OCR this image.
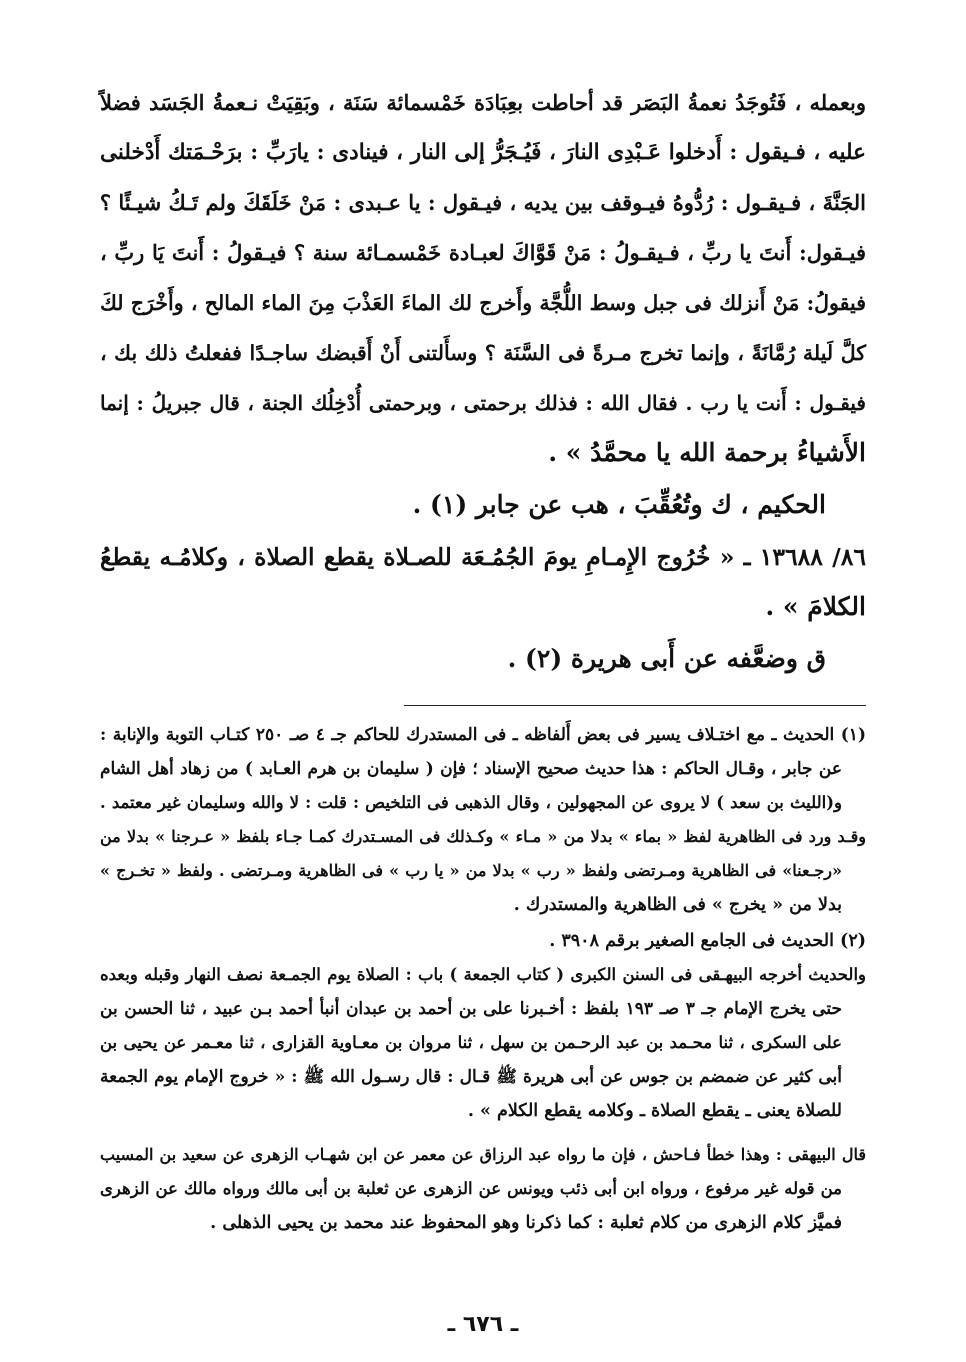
وبعمله ، فَتُوجَدُ نعمةُ البَصَر قد أحاطت بعِبَادَة خَمْسمائة سَنَة ، وبَقِيَتْ نـعمةُ الجَسَد فضلاً
عليه ، فـيقول : أَدخلوا عَـبْدِى النارَ ، فَيُـجَرُّ إلى النار ، فينادى : يارَبِّ : برَحْـمَتك أَدْخلنى
الجَنَّةَ ، فـيقـول : رُدُّوهُ فيـوقف بين يديه ، فيـقول : يا عـبدى : مَنْ خَلَقَكَ ولم تَـكُ شيـئًا ؟
فيـقول: أَنتَ يا ربِّ ، فـيقـولُ : مَنْ قَوَّاكَ لعبـادة خَمْسمـائة سنة ؟ فيـقولُ : أَنتَ يَا ربِّ ،
فيقولُ: مَنْ أَنزلك فى جبل وسط اللُّجَّة وأَخرج لك الماءَ العَذْبَ مِنَ الماء المالح ، وأَخْرَج لكَ
كلَّ لَيلة رُمَّانَةً ، وإنما تخرج مـرةً فى السَّنَة ؟ وسأَلتنى أَنْ أَقبضك ساجـدًا ففعلتُ ذلك بك ،
فيقـول : أَنت يا رب . فقال الله : فذلك برحمتى ، وبرحمتى أُدْخِلُك الجنة ، قال جبريلُ : إنما
الأَشياءُ برحمة الله يا محمَّدُ » .
الحكيم ، ك وتُعُقِّبَ ، هب عن جابر (١) .
٨٦/ ١٣٦٨٨ ـ « خُرُوج الإِمـامِ يومَ الجُمُـعَة للصـلاة يقطع الصلاة ، وكلامُـه يقطعُ
الكلامَ » .
ق وضعَّفه عن أَبى هريرة (٢) .
(١) الحديث ـ مع اختـلاف يسير فى بعض أَلفاظه ـ فى المستدرك للحاكم جـ ٤ صـ ٢٥٠ كتـاب التوبة والإنابة :
عن جابر ، وقـال الحاكم : هذا حديث صحيح الإسناد ؛ فإن ( سليمان بن هرم العـابد ) من زهاد أهل الشام
و(الليث بن سعد ) لا يروى عن المجهولين ، وقال الذهبى فى التلخيص : قلت : لا والله وسليمان غير معتمد .
وقـد ورد فى الظاهرية لفظ « بماء » بدلا من « مـاء » وكـذلك فى المسـتدرك كمـا جـاء بلفظ « عـرجنا » بدلا من
«رجـعنا» فى الظاهرية ومـرتضى ولفظ « رب » بدلا من « يا رب » فى الظاهرية ومـرتضى . ولفظ « تخـرج »
بدلا من « يخرج » فى الظاهرية والمستدرك .
(٢) الحديث فى الجامع الصغير برقم ٣٩٠٨ .
والحديث أخرجه البيهـقى فى السنن الكبرى ( كتاب الجمعة ) باب : الصلاة يوم الجمـعة نصف النهار وقبله وبعده
حتى يخرج الإمام جـ ٣ صـ ١٩٣ بلفظ : أخـبرنا على بن أحمد بن عبدان أنبأ أحمد بـن عبيد ، ثنا الحسن بن
على السكرى ، ثنا محـمد بن عبد الرحـمن بن سهل ، ثنا مروان بن معـاوية القزارى ، ثنا معـمر عن يحيى بن
أبى كثير عن ضمضم بن جوس عن أبى هريرة ﷺ قـال : قال رسـول الله ﷺ : « خروج الإمام يوم الجمعة
للصلاة يعنى ـ يقطع الصلاة ـ وكلامه يقطع الكلام » .
قال البيهقى : وهذا خطأ فـاحش ، فإن ما رواه عبد الرزاق عن معمر عن ابن شهـاب الزهرى عن سعيد بن المسيب
من قوله غير مرفوع ، ورواه ابن أبى ذئب ويونس عن الزهرى عن ثعلبة بن أبى مالك ورواه مالك عن الزهرى
فميَّز كلام الزهرى من كلام ثعلبة : كما ذكرنا وهو المحفوظ عند محمد بن يحيى الذهلى .
ـ ٦٧٦ ـ
